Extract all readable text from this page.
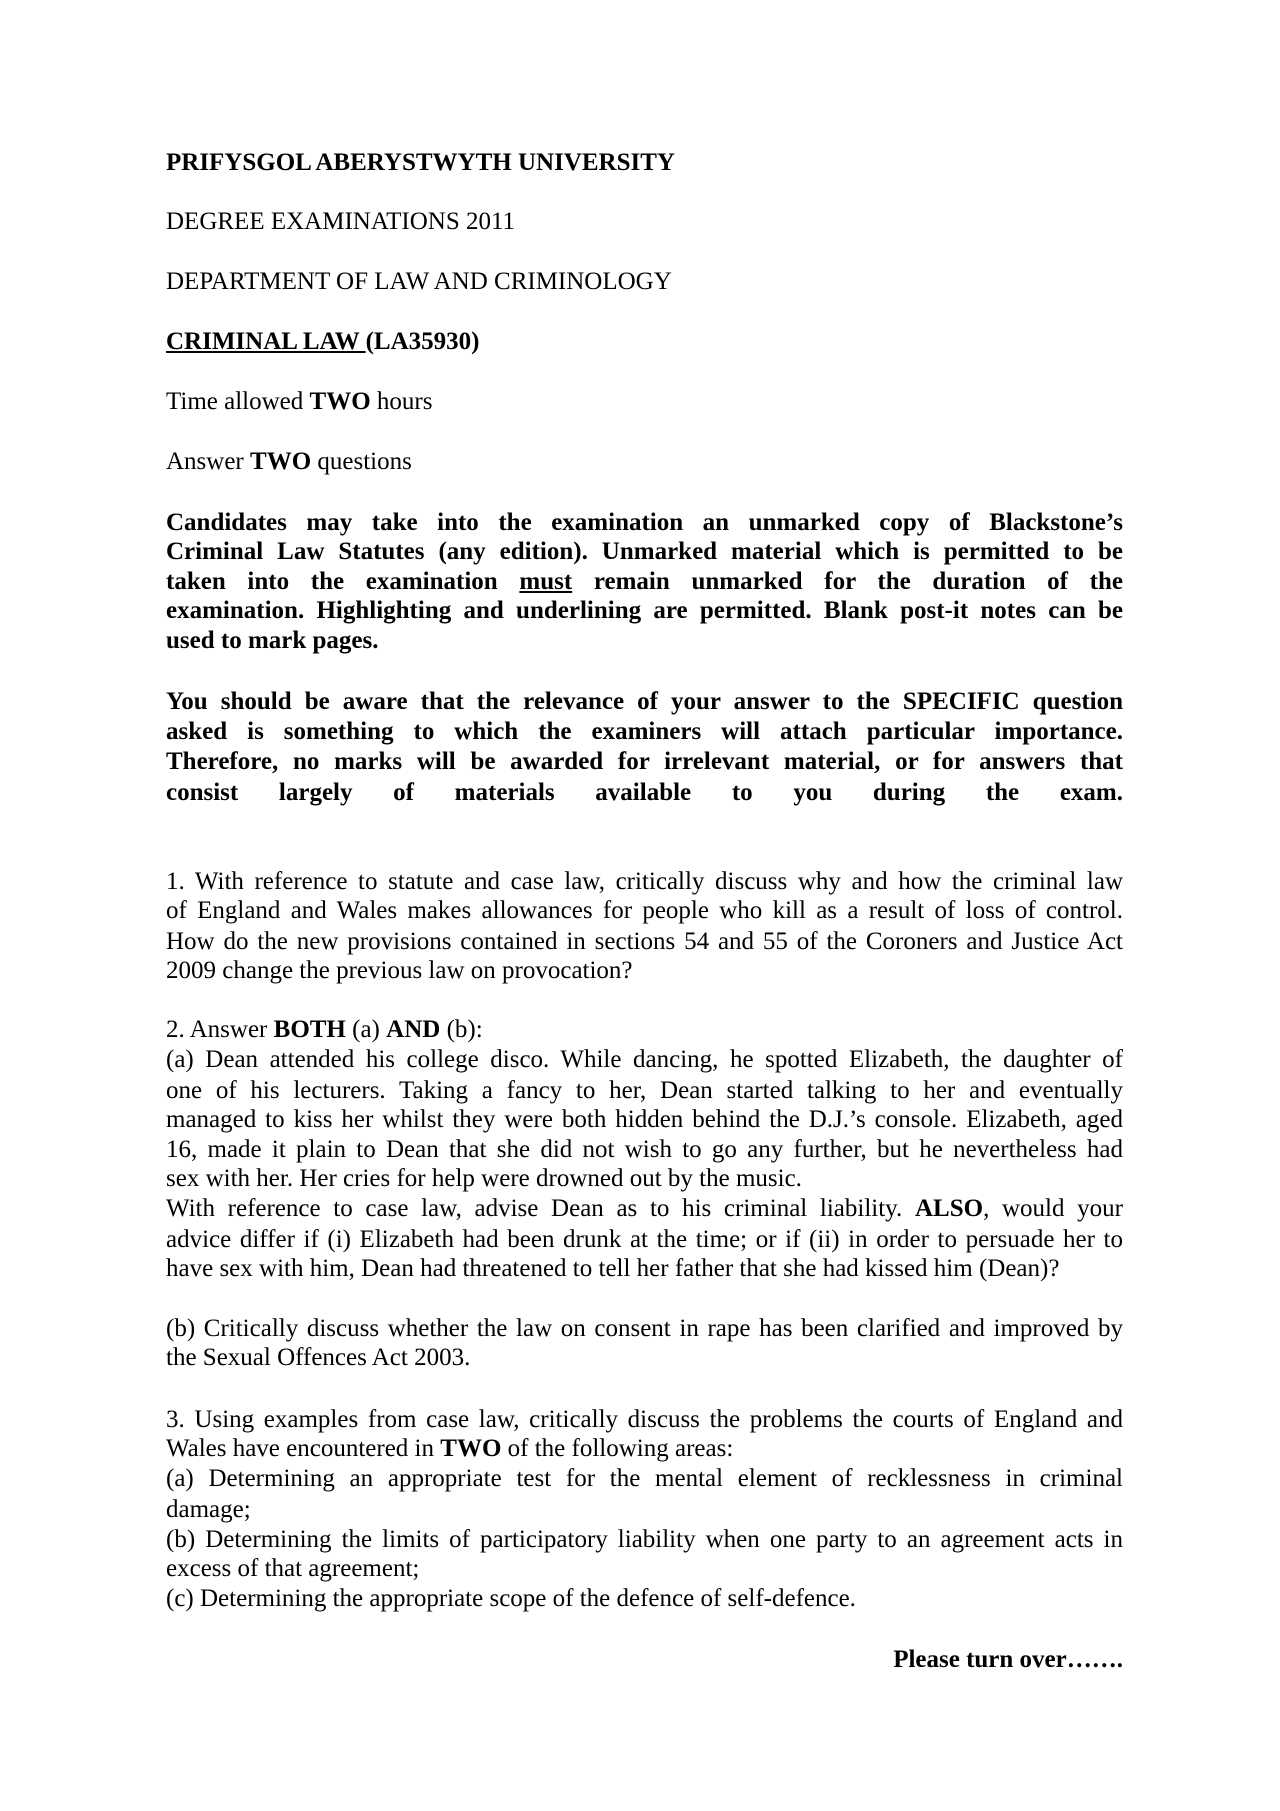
PRIFYSGOL ABERYSTWYTH UNIVERSITY
DEGREE EXAMINATIONS 2011
DEPARTMENT OF LAW AND CRIMINOLOGY
CRIMINAL LAW (LA35930)
Time allowed TWO hours
Answer TWO questions
Candidates may take into the examination an unmarked copy of Blackstone’s
Criminal Law Statutes (any edition). Unmarked material which is permitted to be
taken into the examination must remain unmarked for the duration of the
examination. Highlighting and underlining are permitted. Blank post-it notes can be
used to mark pages.
You should be aware that the relevance of your answer to the SPECIFIC question
asked is something to which the examiners will attach particular importance.
Therefore, no marks will be awarded for irrelevant material, or for answers that
consist largely of materials available to you during the exam.
1. With reference to statute and case law, critically discuss why and how the criminal law
of England and Wales makes allowances for people who kill as a result of loss of control.
How do the new provisions contained in sections 54 and 55 of the Coroners and Justice Act
2009 change the previous law on provocation?
2. Answer BOTH (a) AND (b):
(a) Dean attended his college disco. While dancing, he spotted Elizabeth, the daughter of
one of his lecturers. Taking a fancy to her, Dean started talking to her and eventually
managed to kiss her whilst they were both hidden behind the D.J.’s console. Elizabeth, aged
16, made it plain to Dean that she did not wish to go any further, but he nevertheless had
sex with her. Her cries for help were drowned out by the music.
With reference to case law, advise Dean as to his criminal liability. ALSO, would your
advice differ if (i) Elizabeth had been drunk at the time; or if (ii) in order to persuade her to
have sex with him, Dean had threatened to tell her father that she had kissed him (Dean)?
(b) Critically discuss whether the law on consent in rape has been clarified and improved by
the Sexual Offences Act 2003.
3. Using examples from case law, critically discuss the problems the courts of England and
Wales have encountered in TWO of the following areas:
(a) Determining an appropriate test for the mental element of recklessness in criminal
damage;
(b) Determining the limits of participatory liability when one party to an agreement acts in
excess of that agreement;
(c) Determining the appropriate scope of the defence of self-defence.
Please turn over…….
